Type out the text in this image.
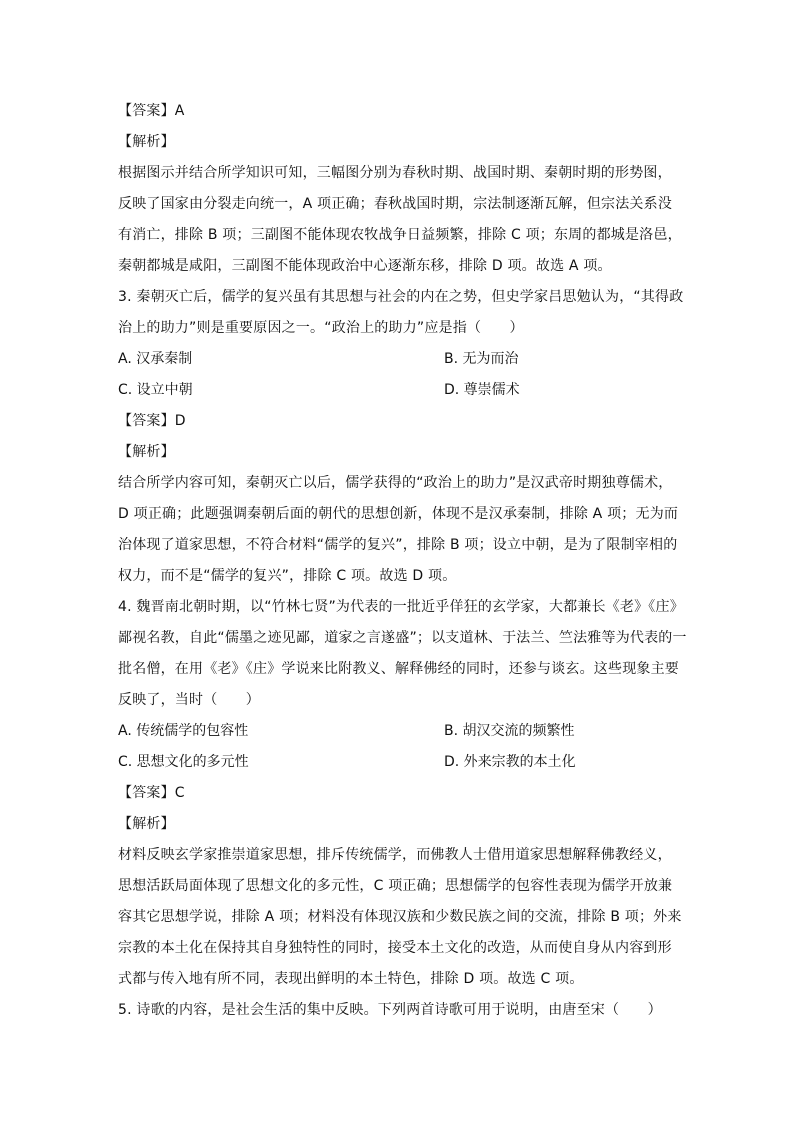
【答案】A
【解析】
根据图示并结合所学知识可知，三幅图分别为春秋时期、战国时期、秦朝时期的形势图，
反映了国家由分裂走向统一，A 项正确；春秋战国时期，宗法制逐渐瓦解，但宗法关系没
有消亡，排除 B 项；三副图不能体现农牧战争日益频繁，排除 C 项；东周的都城是洛邑，
秦朝都城是咸阳，三副图不能体现政治中心逐渐东移，排除 D 项。故选 A 项。
3. 秦朝灭亡后，儒学的复兴虽有其思想与社会的内在之势，但史学家吕思勉认为，“其得政
治上的助力”则是重要原因之一。“政治上的助力”应是指（　　）
A. 汉承秦制	B. 无为而治
C. 设立中朝	D. 尊崇儒术
【答案】D
【解析】
结合所学内容可知，秦朝灭亡以后，儒学获得的“政治上的助力”是汉武帝时期独尊儒术，
D 项正确；此题强调秦朝后面的朝代的思想创新，体现不是汉承秦制，排除 A 项；无为而
治体现了道家思想，不符合材料“儒学的复兴”，排除 B 项；设立中朝，是为了限制宰相的
权力，而不是“儒学的复兴”，排除 C 项。故选 D 项。
4. 魏晋南北朝时期，以“竹林七贤”为代表的一批近乎佯狂的玄学家，大都兼长《老》《庄》
鄙视名教，自此“儒墨之迹见鄙，道家之言遂盛”；以支道林、于法兰、竺法雅等为代表的一
批名僧，在用《老》《庄》学说来比附教义、解释佛经的同时，还参与谈玄。这些现象主要
反映了，当时（　　）
A. 传统儒学的包容性	B. 胡汉交流的频繁性
C. 思想文化的多元性	D. 外来宗教的本土化
【答案】C
【解析】
材料反映玄学家推崇道家思想，排斥传统儒学，而佛教人士借用道家思想解释佛教经义，
思想活跃局面体现了思想文化的多元性，C 项正确；思想儒学的包容性表现为儒学开放兼
容其它思想学说，排除 A 项；材料没有体现汉族和少数民族之间的交流，排除 B 项；外来
宗教的本土化在保持其自身独特性的同时，接受本土文化的改造，从而使自身从内容到形
式都与传入地有所不同，表现出鲜明的本土特色，排除 D 项。故选 C 项。
5. 诗歌的内容，是社会生活的集中反映。下列两首诗歌可用于说明，由唐至宋（　　）
